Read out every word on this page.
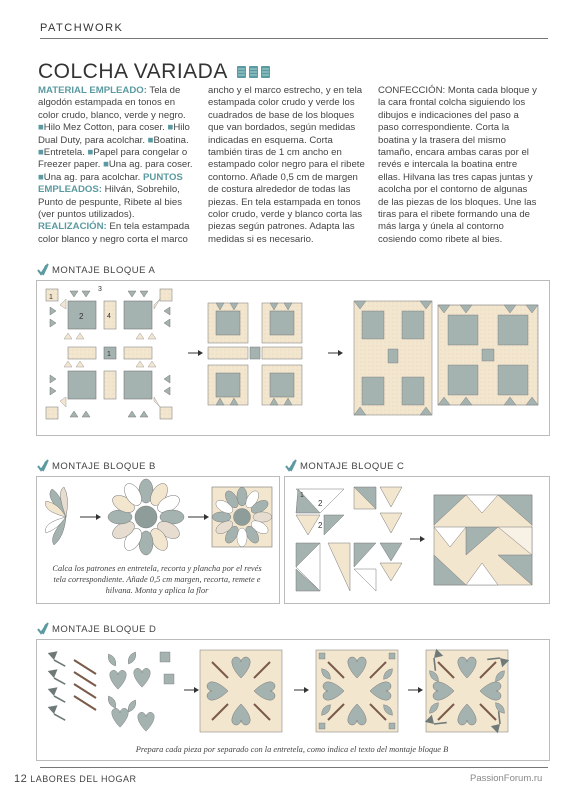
PATCHWORK
COLCHA VARIADA

MATERIAL EMPLEADO: Tela de algodón estampada en tonos en color crudo, blanco, verde y negro. ■Hilo Mez Cotton, para coser. ■Hilo Dual Duty, para acolchar. ■Boatina. ■Entretela. ■Papel para congelar o Freezer paper. ■Una ag. para coser. ■Una ag. para acolchar. PUNTOS EMPLEADOS: Hilván, Sobrehilo, Punto de pespunte, Ribete al bies (ver puntos utilizados). REALIZACIÓN: En tela estampada color blanco y negro corta el marco

ancho y el marco estrecho, y en tela estampada color crudo y verde los cuadrados de base de los bloques que van bordados, según medidas indicadas en esquema. Corta también tiras de 1 cm ancho en estampado color negro para el ribete contorno. Añade 0,5 cm de margen de costura alrededor de todas las piezas. En tela estampada en tonos color crudo, verde y blanco corta las piezas según patrones. Adapta las medidas si es necesario.

CONFECCIÓN: Monta cada bloque y la cara frontal colcha siguiendo los dibujos e indicaciones del paso a paso correspondiente. Corta la boatina y la trasera del mismo tamaño, encara ambas caras por el revés e intercala la boatina entre ellas. Hilvana las tres capas juntas y acolcha por el contorno de algunas de las piezas de los bloques. Une las tiras para el ribete formando una de más larga y únela al contorno cosiendo como ribete al bies.

MONTAJE BLOQUE A
1
3
2	4
1
MONTAJE BLOQUE B
Calca los patrones en entretela, recorta y plancha por el revés tela correspondiente. Añade 0,5 cm margen, recorta, remete e hilvana. Monta y aplica la flor
MONTAJE BLOQUE C
1
2
2
MONTAJE BLOQUE D
Prepara cada pieza por separado con la entretela, como indica el texto del montaje bloque B
12 LABORES DEL HOGAR	PassionForum.ru
